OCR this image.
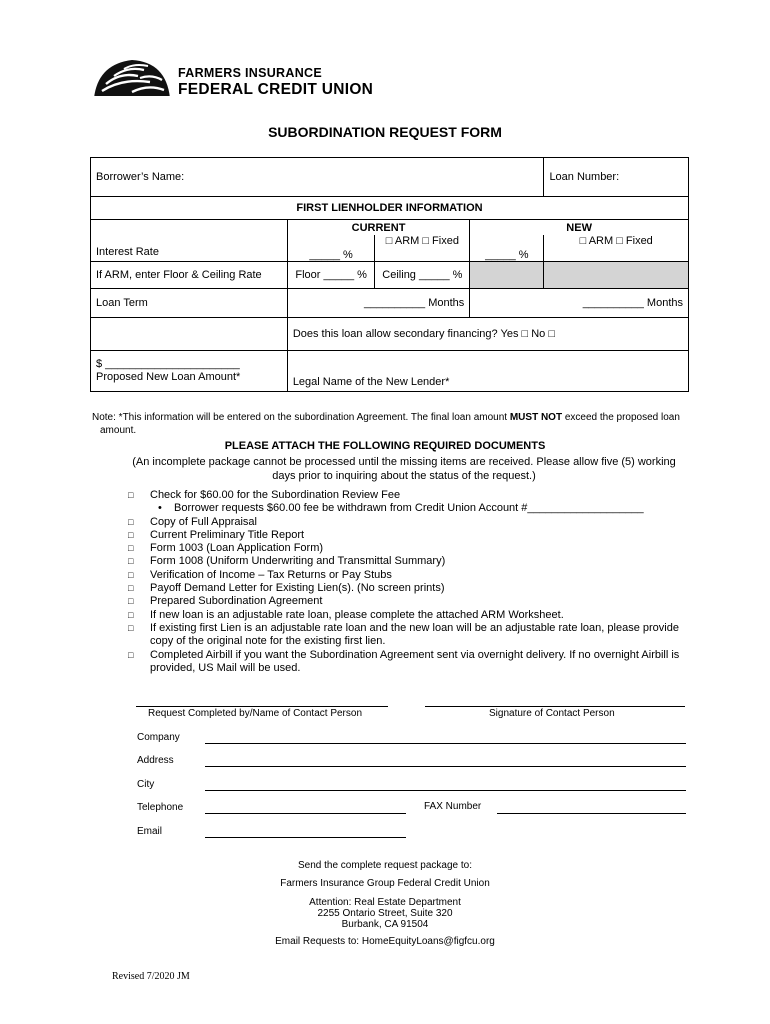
FARMERS INSURANCE
FEDERAL CREDIT UNION
SUBORDINATION REQUEST FORM
Borrower’s Name:				Loan Number:
FIRST LIENHOLDER INFORMATION				
Interest Rate	CURRENT		NEW	
	_____ %	□ ARM □ Fixed	_____ %	□ ARM □ Fixed
If ARM, enter Floor & Ceiling Rate	Floor _____ %	Ceiling _____ %		
Loan Term	__________ Months		__________ Months	
	Does this loan allow secondary financing? Yes □ No □			

$ ______________________
Proposed New Loan Amount*	Legal Name of the New Lender*			
Note: *This information will be entered on the subordination Agreement. The final loan amount MUST NOT exceed the proposed loan
amount.
PLEASE ATTACH THE FOLLOWING REQUIRED DOCUMENTS
(An incomplete package cannot be processed until the missing items are received. Please allow five (5) working days prior to inquiring about the status of the request.)
□ Check for $60.00 for the Subordination Review Fee
• Borrower requests $60.00 fee be withdrawn from Credit Union Account #___________________
□ Copy of Full Appraisal
□ Current Preliminary Title Report
□ Form 1003 (Loan Application Form)
□ Form 1008 (Uniform Underwriting and Transmittal Summary)
□ Verification of Income – Tax Returns or Pay Stubs
□ Payoff Demand Letter for Existing Lien(s). (No screen prints)
□ Prepared Subordination Agreement
□ If new loan is an adjustable rate loan, please complete the attached ARM Worksheet.
□ If existing first Lien is an adjustable rate loan and the new loan will be an adjustable rate loan, please provide copy of the original note for the existing first lien.
□ Completed Airbill if you want the Subordination Agreement sent via overnight delivery. If no overnight Airbill is provided, US Mail will be used.
Request Completed by/Name of Contact Person	Signature of Contact Person
Company
Address
City
Telephone	FAX Number
Email
Send the complete request package to:
Farmers Insurance Group Federal Credit Union
Attention: Real Estate Department
2255 Ontario Street, Suite 320
Burbank, CA 91504
Email Requests to: HomeEquityLoans@figfcu.org
Revised 7/2020 JM
